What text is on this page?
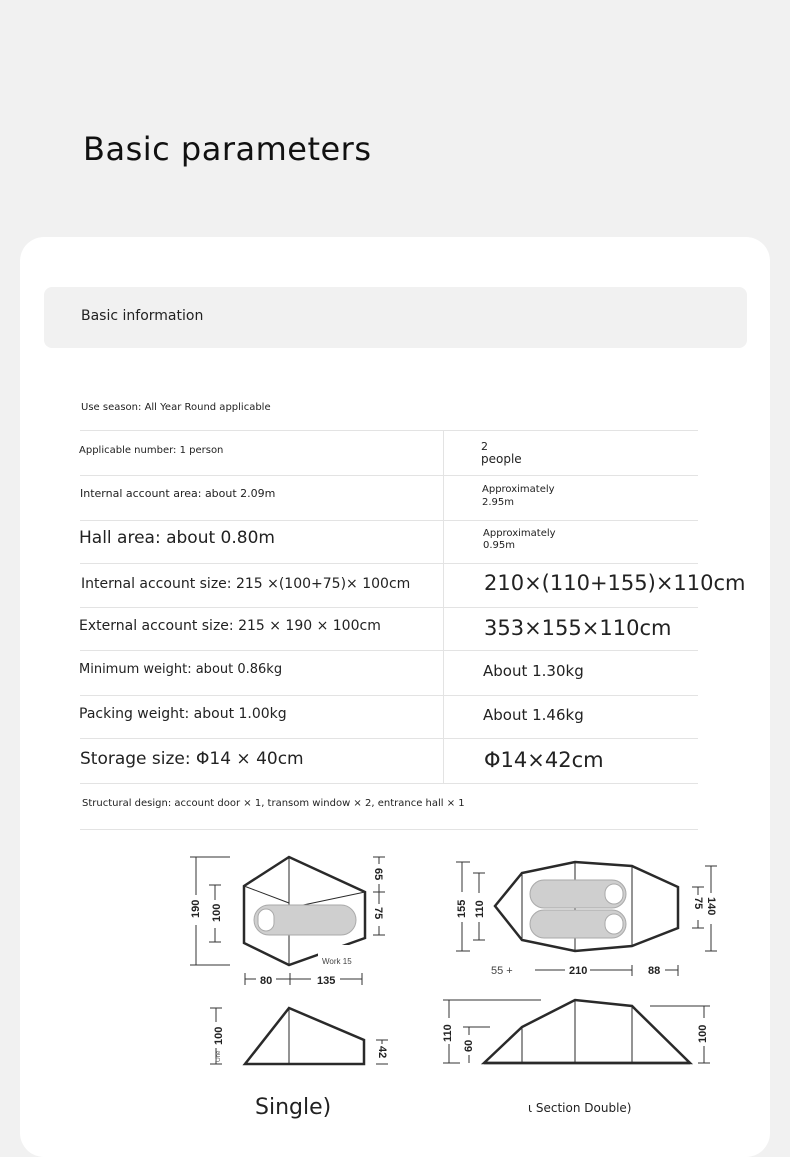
Basic parameters
Basic information
Use season: All Year Round applicable
Applicable number: 1 person	2
people
Internal account area: about 2.09m	Approximately
2.95m
Hall area: about 0.80m	Approximately
0.95m
Internal account size: 215 ×(100+75)× 100cm	210×(110+155)×110cm
External account size: 215 × 190 × 100cm	353×155×110cm
Minimum weight: about 0.86kg	About 1.30kg
Packing weight: about 1.00kg	About 1.46kg
Storage size: Φ14 × 40cm	Φ14×42cm
Structural design: account door × 1, transom window × 2, entrance hall × 1
Work 15
190 100
65
75
80	135
100
One	42
155 110	75 140
55 +	210	88
110
60
100
Single)	ι Section Double)
